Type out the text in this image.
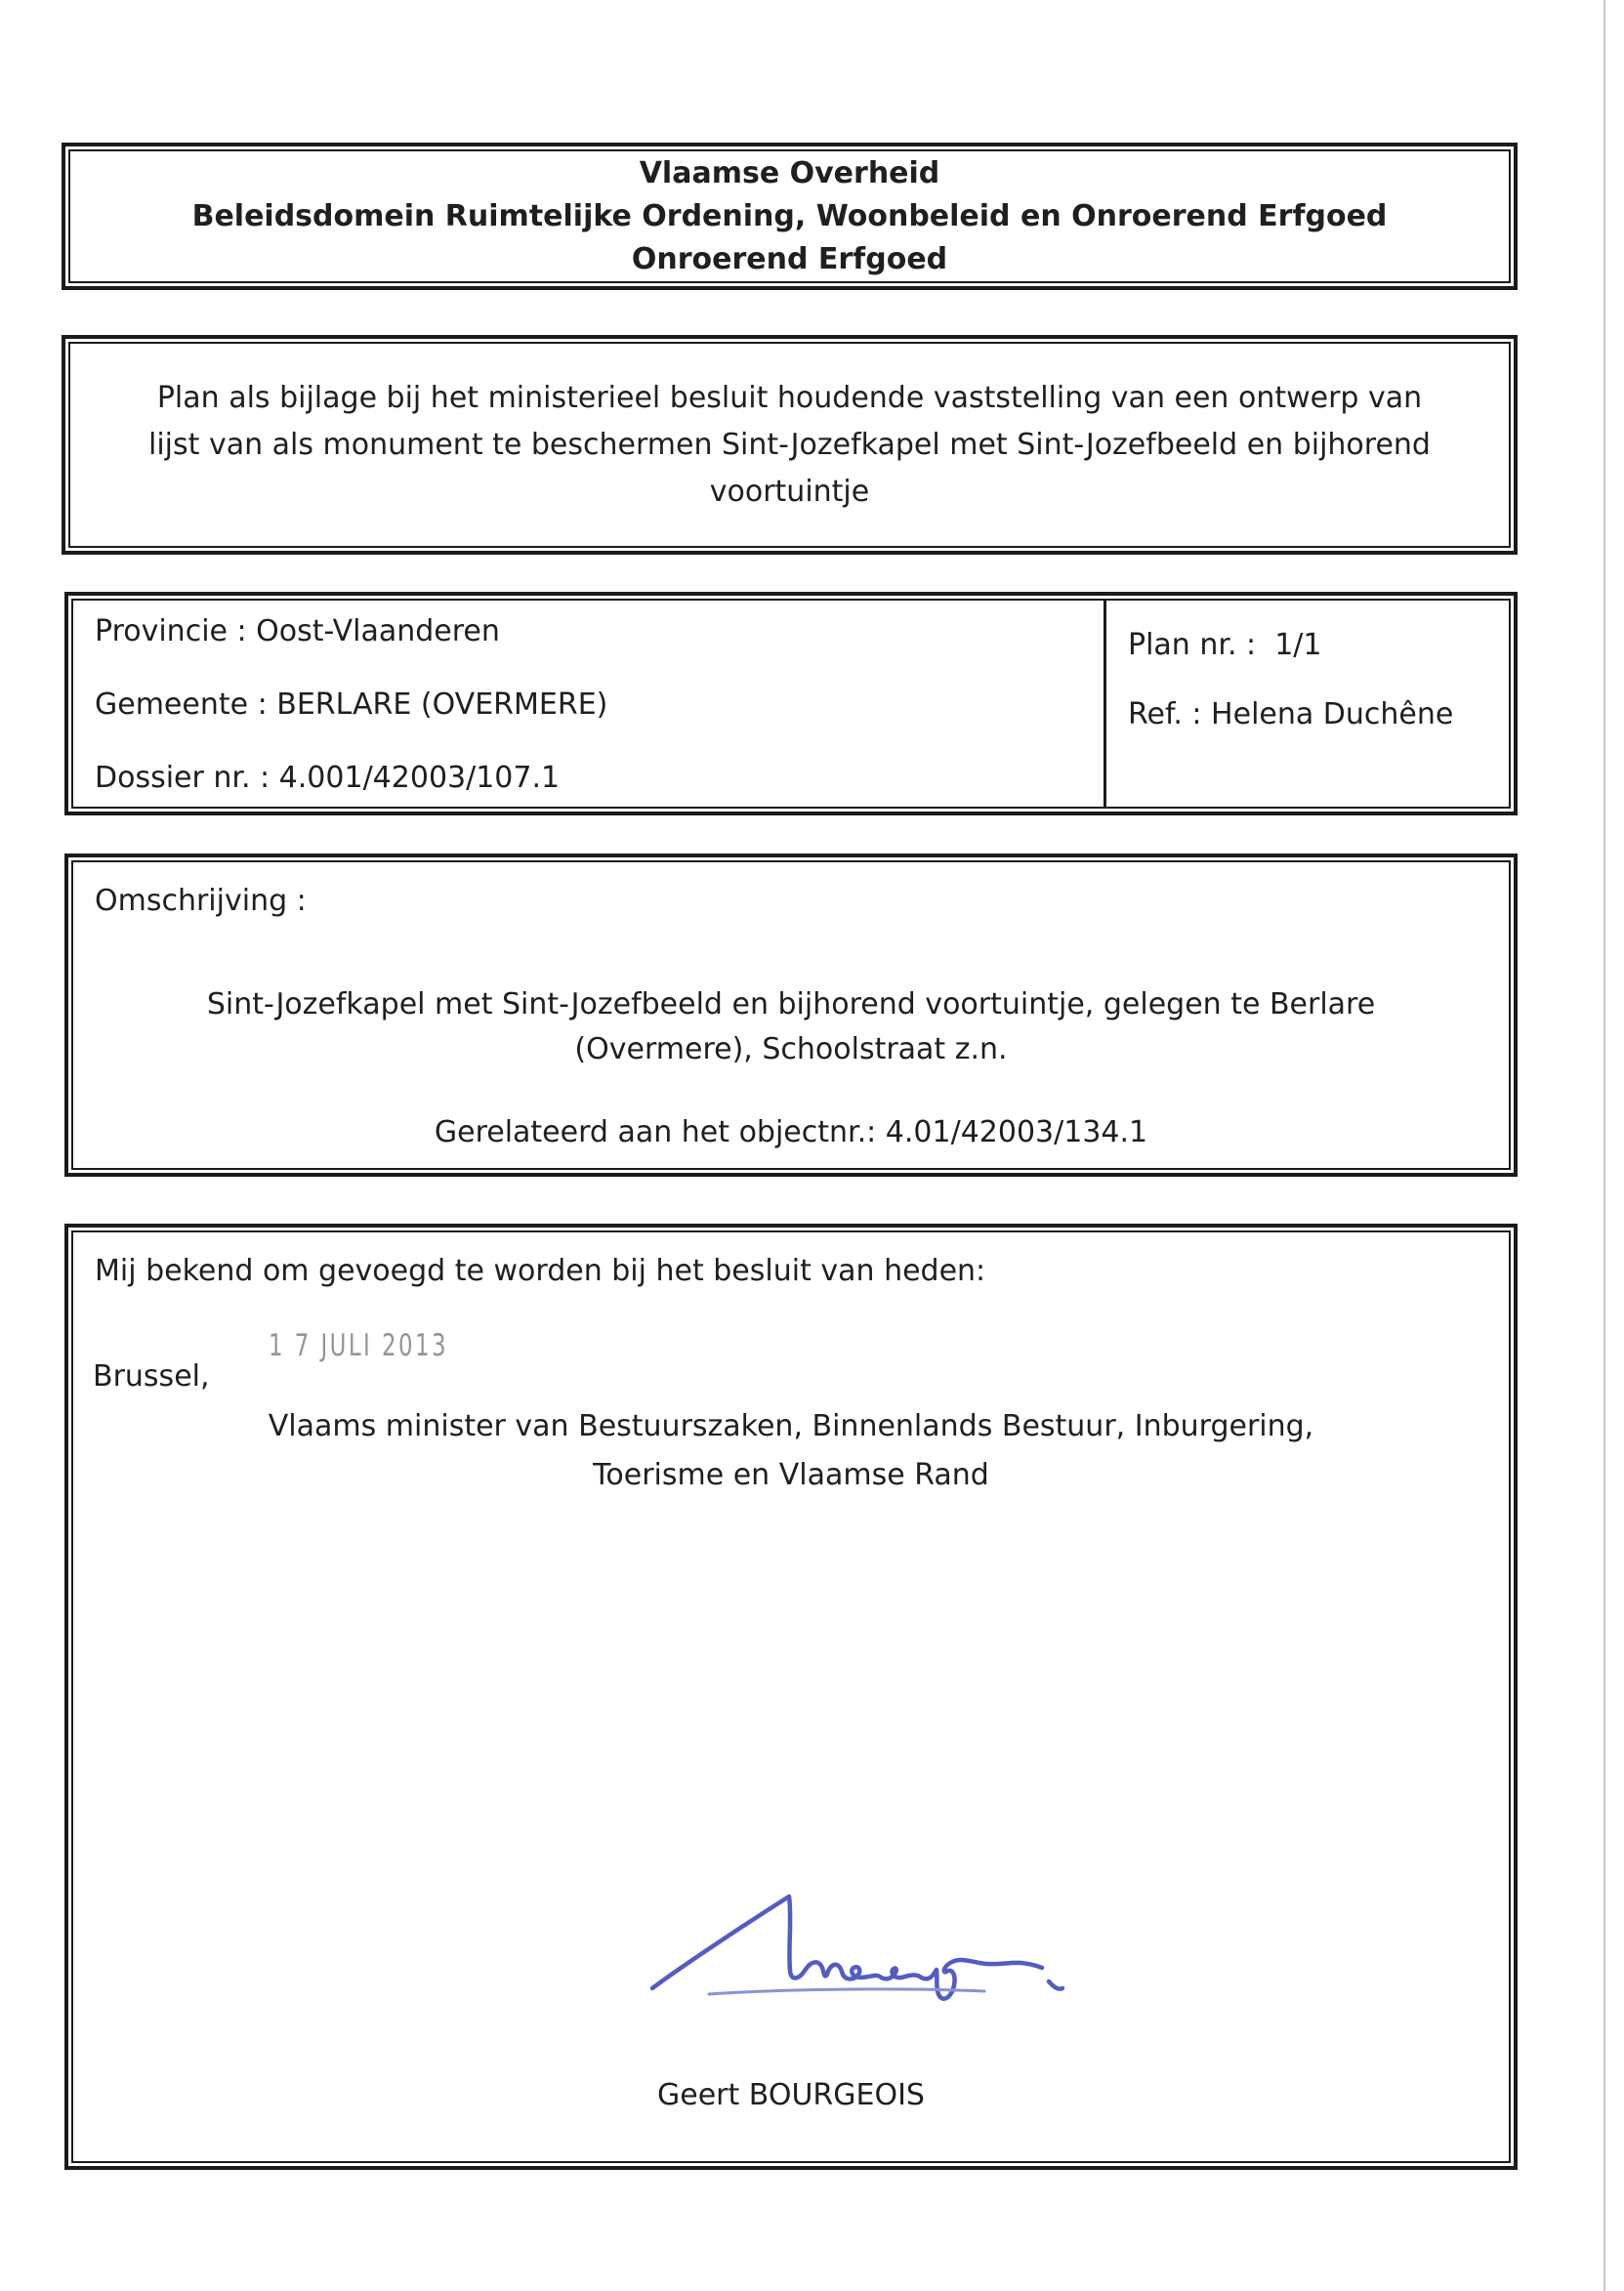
Vlaamse Overheid
Beleidsdomein Ruimtelijke Ordening, Woonbeleid en Onroerend Erfgoed
Onroerend Erfgoed
Plan als bijlage bij het ministerieel besluit houdende vaststelling van een ontwerp van
lijst van als monument te beschermen Sint-Jozefkapel met Sint-Jozefbeeld en bijhorend
voortuintje
Provincie : Oost-Vlaanderen
Gemeente : BERLARE (OVERMERE)
Dossier nr. : 4.001/42003/107.1
Plan nr. :  1/1
Ref. : Helena Duchêne
Omschrijving :
Sint-Jozefkapel met Sint-Jozefbeeld en bijhorend voortuintje, gelegen te Berlare
(Overmere), Schoolstraat z.n.
Gerelateerd aan het objectnr.: 4.01/42003/134.1
Mij bekend om gevoegd te worden bij het besluit van heden:
1 7 JULI 2013
Brussel,
Vlaams minister van Bestuurszaken, Binnenlands Bestuur, Inburgering,
Toerisme en Vlaamse Rand
Geert BOURGEOIS
